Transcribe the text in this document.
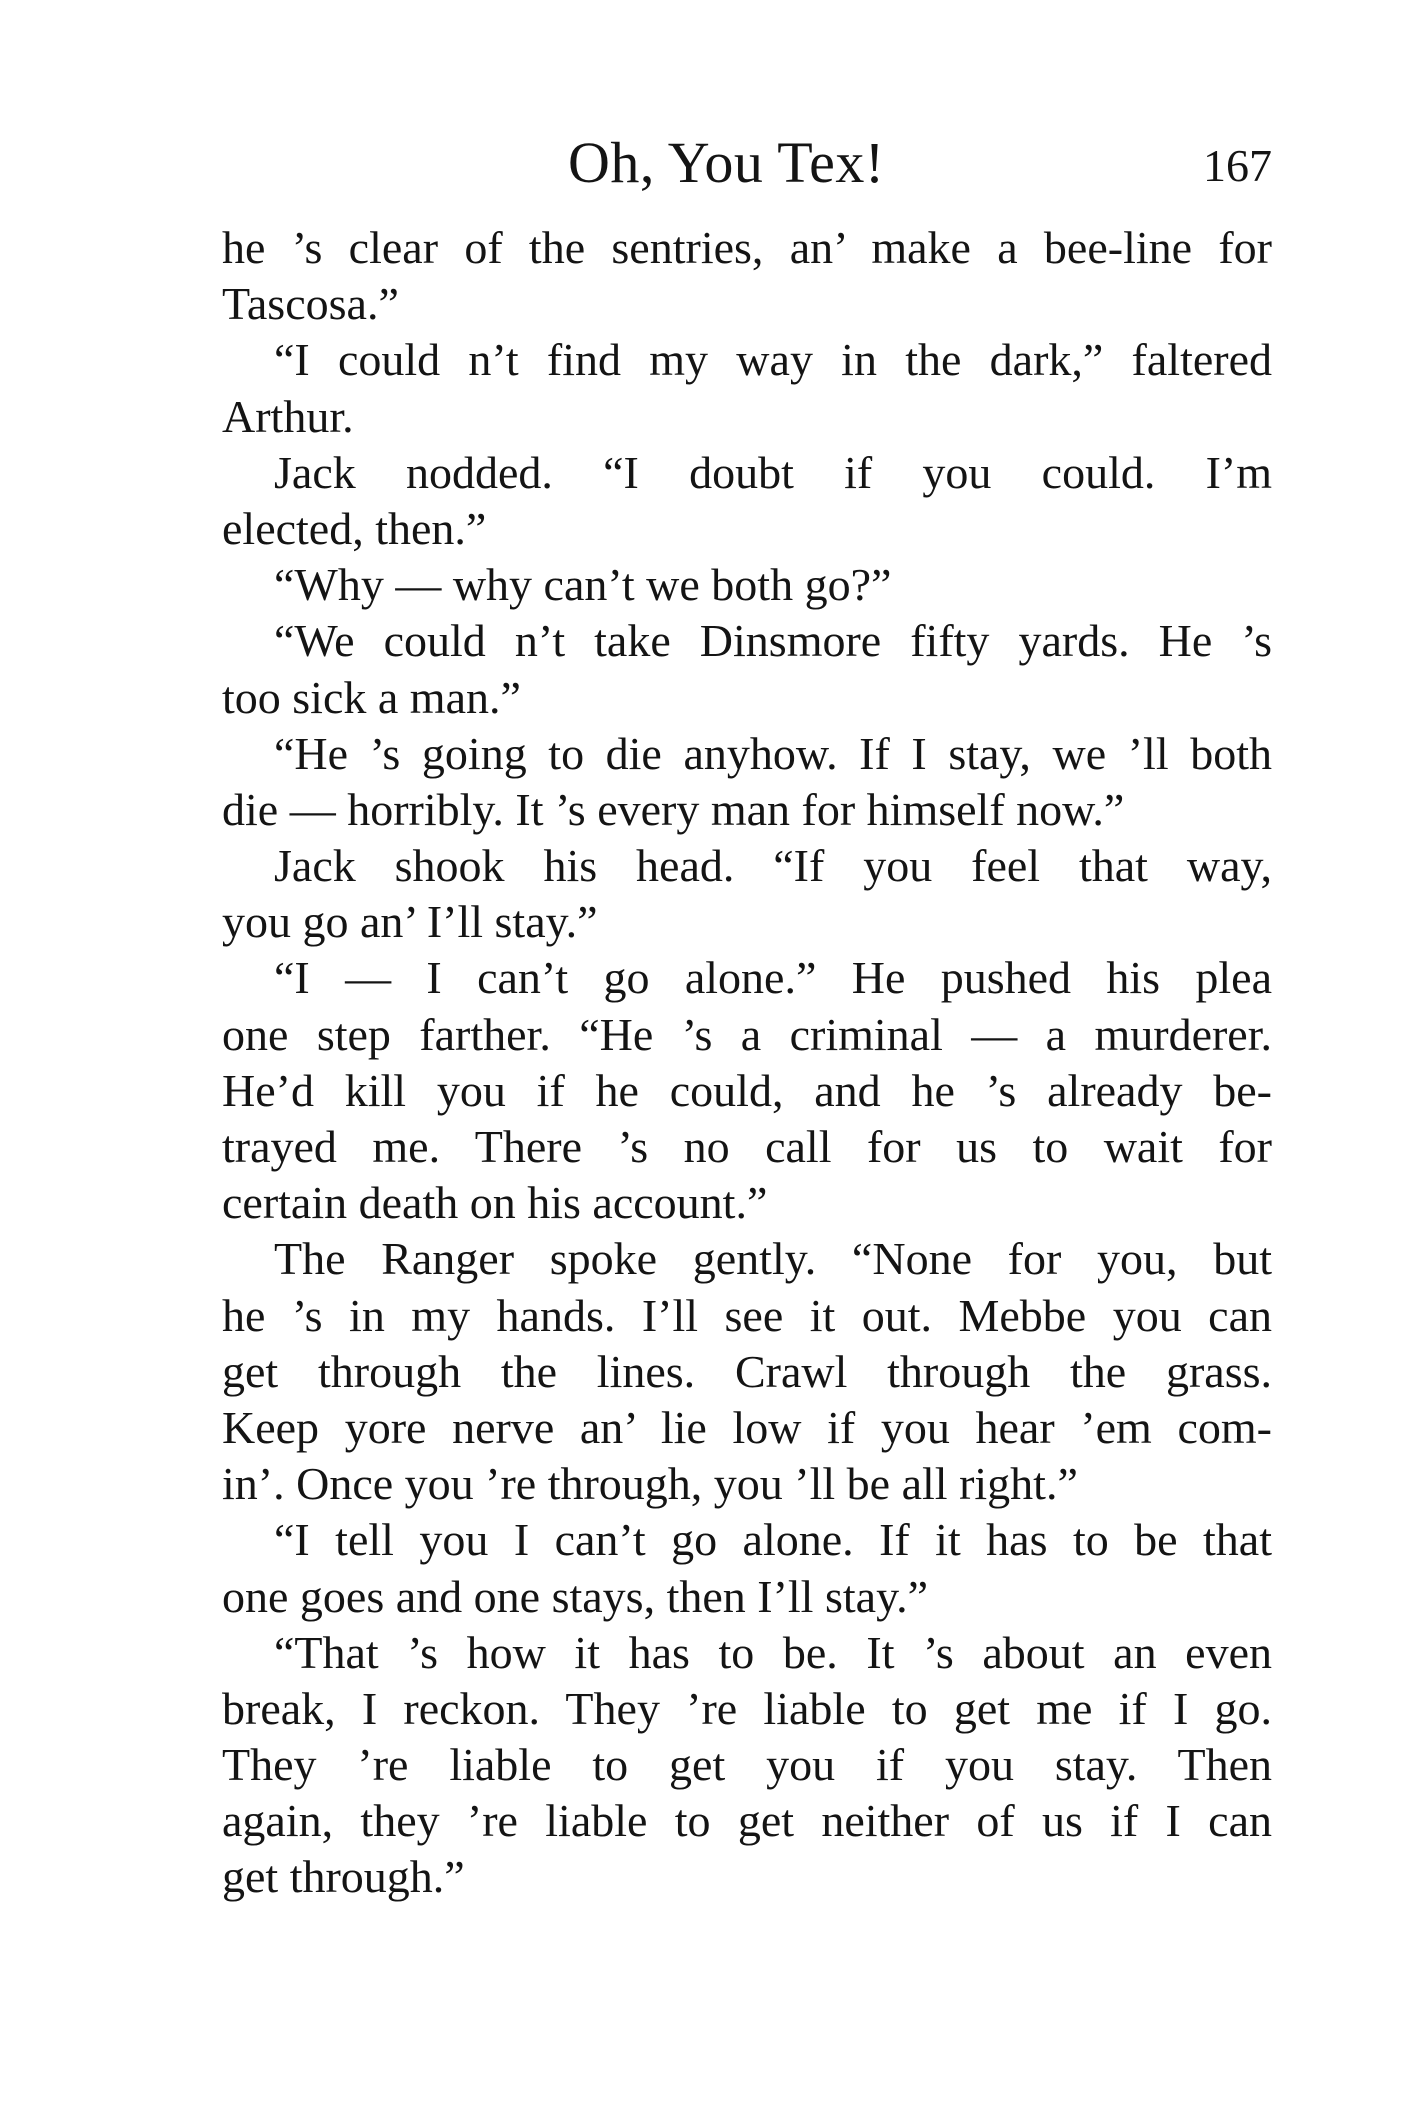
Oh, You Tex!	167
he ’s clear of the sentries, an’ make a bee-line for
Tascosa.”
“I could n’t find my way in the dark,” faltered
Arthur.
Jack nodded. “I doubt if you could. I’m
elected, then.”
“Why — why can’t we both go?”
“We could n’t take Dinsmore fifty yards. He ’s
too sick a man.”
“He ’s going to die anyhow. If I stay, we ’ll both
die — horribly. It ’s every man for himself now.”
Jack shook his head. “If you feel that way,
you go an’ I’ll stay.”
“I — I can’t go alone.” He pushed his plea
one step farther. “He ’s a criminal — a murderer.
He’d kill you if he could, and he ’s already be-
trayed me. There ’s no call for us to wait for
certain death on his account.”
The Ranger spoke gently. “None for you, but
he ’s in my hands. I’ll see it out. Mebbe you can
get through the lines. Crawl through the grass.
Keep yore nerve an’ lie low if you hear ’em com-
in’. Once you ’re through, you ’ll be all right.”
“I tell you I can’t go alone. If it has to be that
one goes and one stays, then I’ll stay.”
“That ’s how it has to be. It ’s about an even
break, I reckon. They ’re liable to get me if I go.
They ’re liable to get you if you stay. Then
again, they ’re liable to get neither of us if I can
get through.”
